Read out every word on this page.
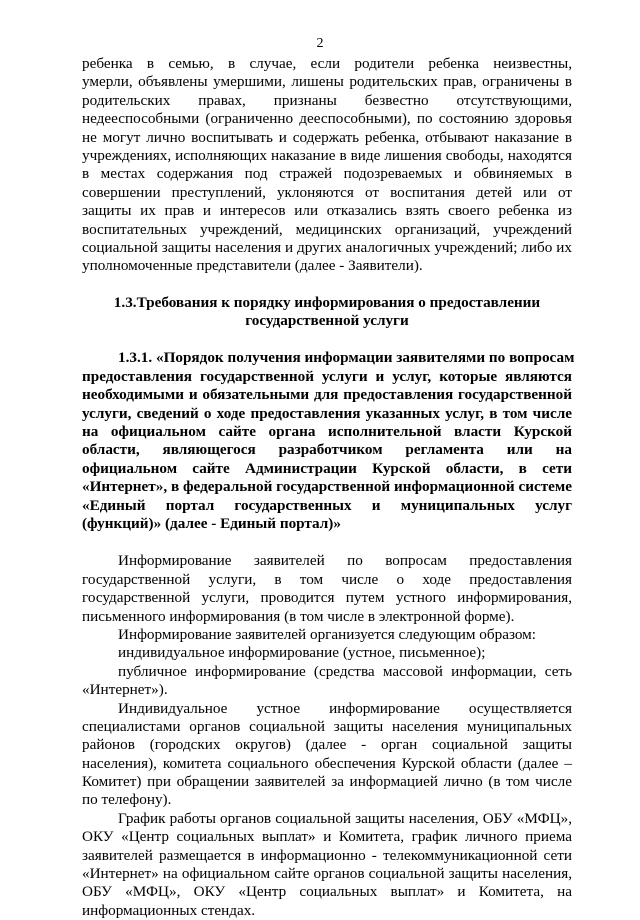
2
ребенка в семью, в случае, если родители ребенка неизвестны,
умерли, объявлены умершими, лишены родительских прав, ограничены в
родительских правах, признаны безвестно отсутствующими,
недееспособными (ограниченно дееспособными), по состоянию здоровья
не могут лично воспитывать и содержать ребенка, отбывают наказание в
учреждениях, исполняющих наказание в виде лишения свободы, находятся
в местах содержания под стражей подозреваемых и обвиняемых в
совершении преступлений, уклоняются от воспитания детей или от
защиты их прав и интересов или отказались взять своего ребенка из
воспитательных учреждений, медицинских организаций, учреждений
социальной защиты населения и других аналогичных учреждений; либо их
уполномоченные представители (далее - Заявители).
1.3.Требования к порядку информирования о предоставлении
государственной услуги
1.3.1. «Порядок получения информации заявителями по вопросам
предоставления государственной услуги и услуг, которые являются
необходимыми и обязательными для предоставления государственной
услуги, сведений о ходе предоставления указанных услуг, в том числе
на официальном сайте органа исполнительной власти Курской
области, являющегося разработчиком регламента или на
официальном сайте Администрации Курской области, в сети
«Интернет», в федеральной государственной информационной системе
«Единый портал государственных и муниципальных услуг
(функций)» (далее - Единый портал)»
Информирование заявителей по вопросам предоставления
государственной услуги, в том числе о ходе предоставления
государственной услуги, проводится путем устного информирования,
письменного информирования (в том числе в электронной форме).
Информирование заявителей организуется следующим образом:
индивидуальное информирование (устное, письменное);
публичное информирование (средства массовой информации, сеть
«Интернет»).
Индивидуальное устное информирование осуществляется
специалистами органов социальной защиты населения муниципальных
районов (городских округов) (далее - орган социальной защиты
населения), комитета социального обеспечения Курской области (далее –
Комитет) при обращении заявителей за информацией лично (в том числе
по телефону).
График работы органов социальной защиты населения, ОБУ «МФЦ»,
ОКУ «Центр социальных выплат» и Комитета, график личного приема
заявителей размещается в информационно - телекоммуникационной сети
«Интернет» на официальном сайте органов социальной защиты населения,
ОБУ «МФЦ», ОКУ «Центр социальных выплат» и Комитета, на
информационных стендах.
